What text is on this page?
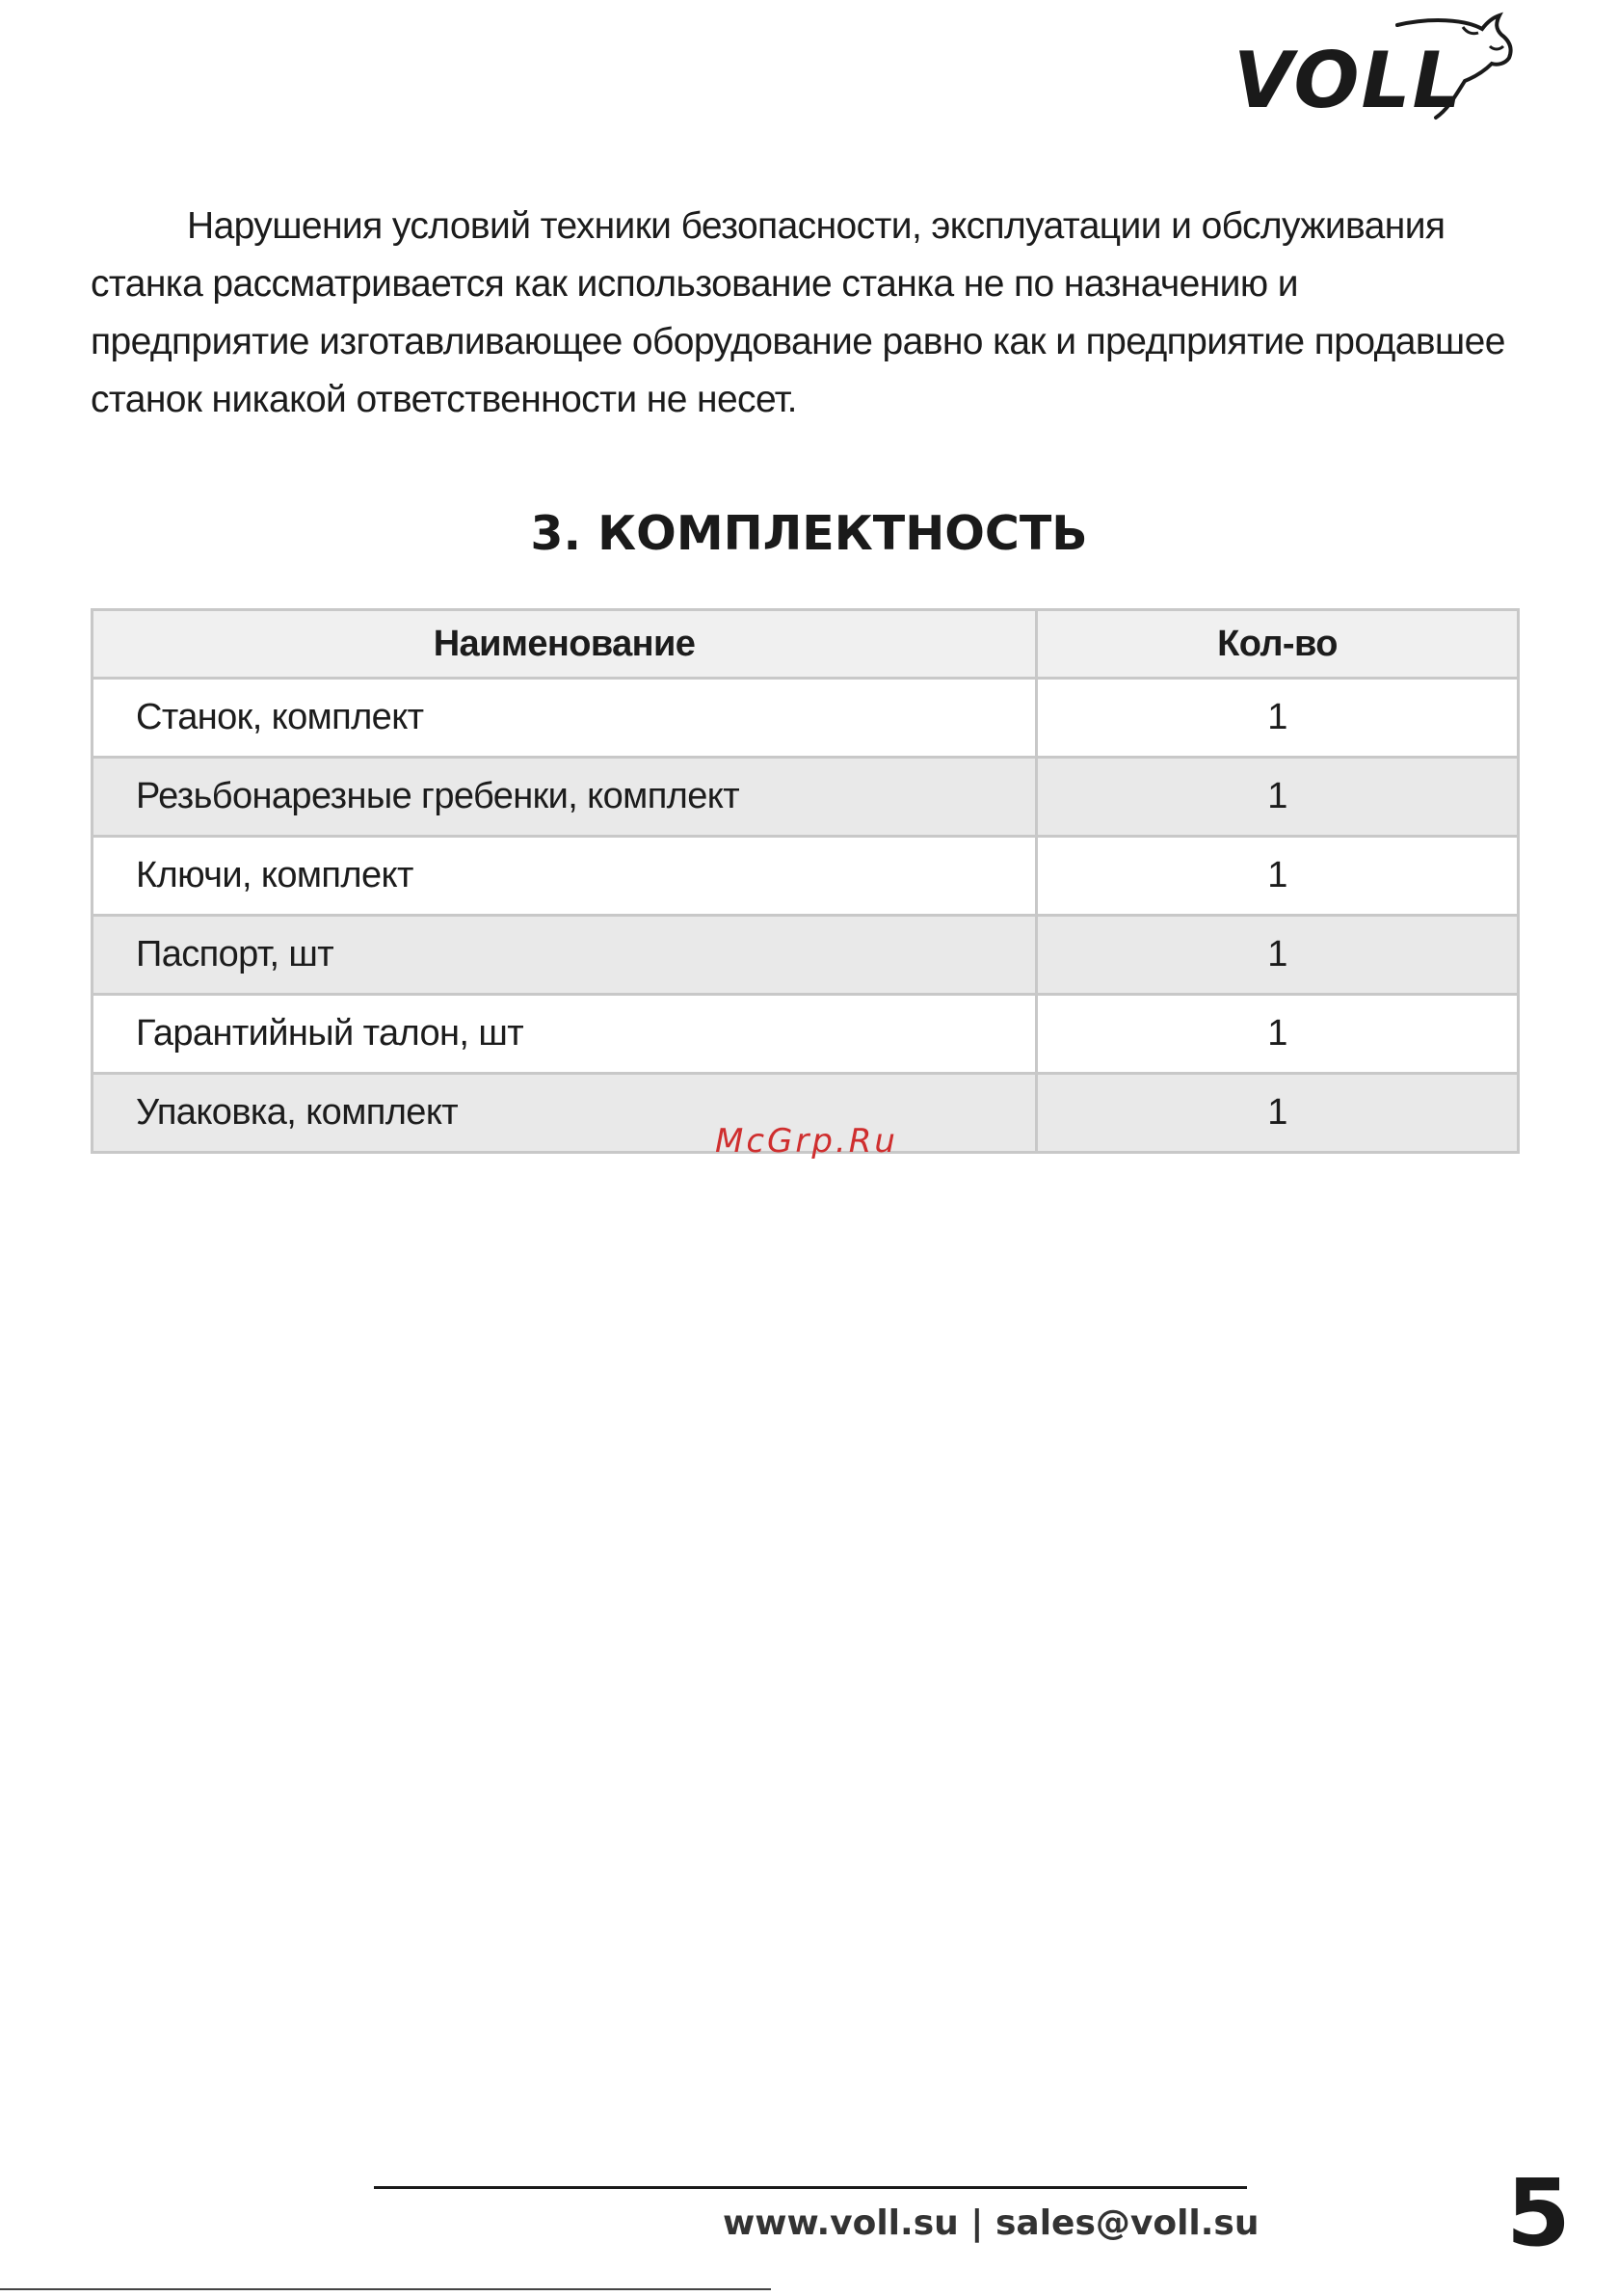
VOLL

Нарушения условий техники безопасности, эксплуатации и обслуживания станка рассматривается как использование станка не по назначению и предприятие изготавливающее оборудование равно как и предприятие продавшее станок никакой ответственности не несет.

3. КОМПЛЕКТНОСТЬ
Наименование	Кол-во
Станок, комплект	1
Резьбонарезные гребенки, комплект	1
Ключи, комплект	1
Паспорт, шт	1
Гарантийный талон, шт	1
Упаковка, комплект	1
McGrp.Ru
www.voll.su | sales@voll.su	5
